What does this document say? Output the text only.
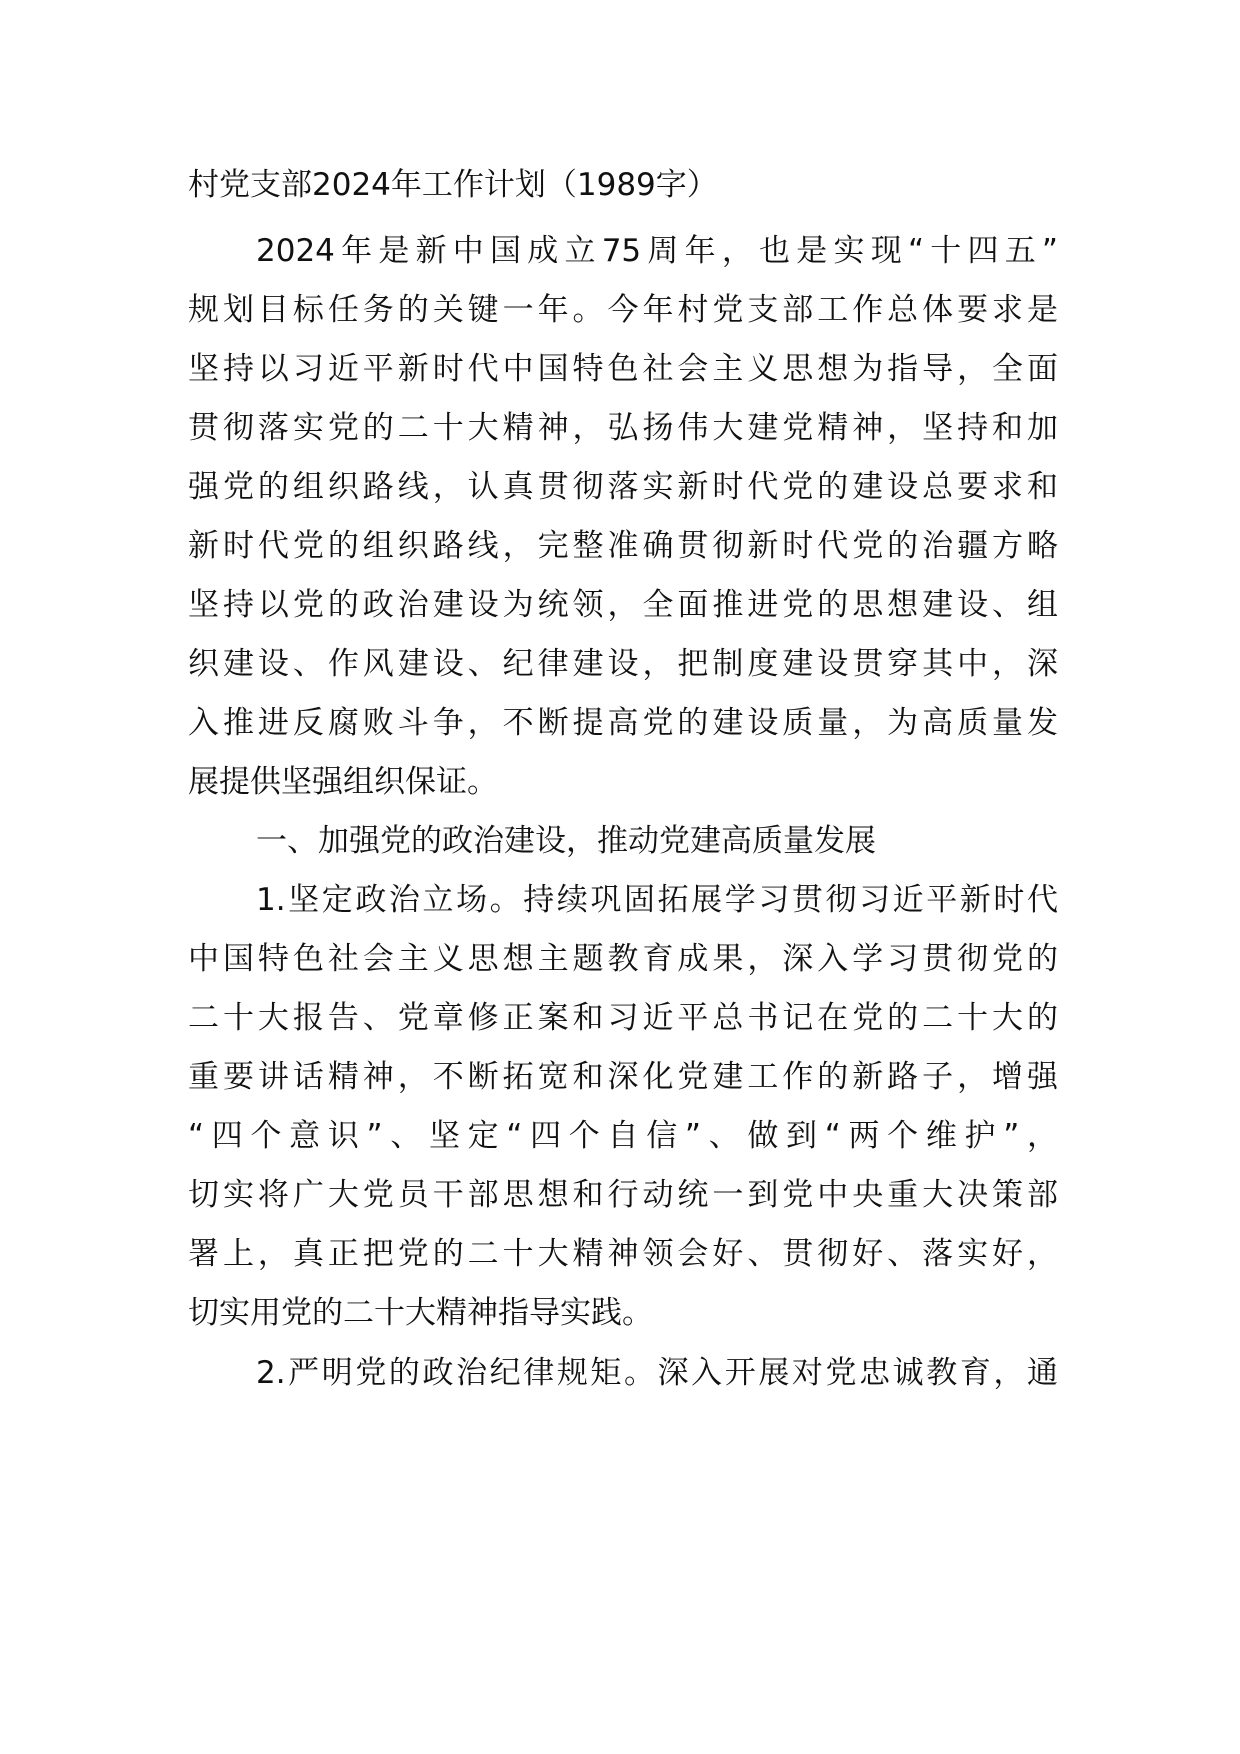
村党支部2024年工作计划（1989字）
2024年是新中国成立75周年，也是实现“十四五”
规划目标任务的关键一年。今年村党支部工作总体要求是
坚持以习近平新时代中国特色社会主义思想为指导，全面
贯彻落实党的二十大精神，弘扬伟大建党精神，坚持和加
强党的组织路线，认真贯彻落实新时代党的建设总要求和
新时代党的组织路线，完整准确贯彻新时代党的治疆方略
坚持以党的政治建设为统领，全面推进党的思想建设、组
织建设、作风建设、纪律建设，把制度建设贯穿其中，深
入推进反腐败斗争，不断提高党的建设质量，为高质量发
展提供坚强组织保证。
一、加强党的政治建设，推动党建高质量发展
1.坚定政治立场。持续巩固拓展学习贯彻习近平新时代
中国特色社会主义思想主题教育成果，深入学习贯彻党的
二十大报告、党章修正案和习近平总书记在党的二十大的
重要讲话精神，不断拓宽和深化党建工作的新路子，增强
“四个意识”、坚定“四个自信”、做到“两个维护”，
切实将广大党员干部思想和行动统一到党中央重大决策部
署上，真正把党的二十大精神领会好、贯彻好、落实好，
切实用党的二十大精神指导实践。
2.严明党的政治纪律规矩。深入开展对党忠诚教育，通
